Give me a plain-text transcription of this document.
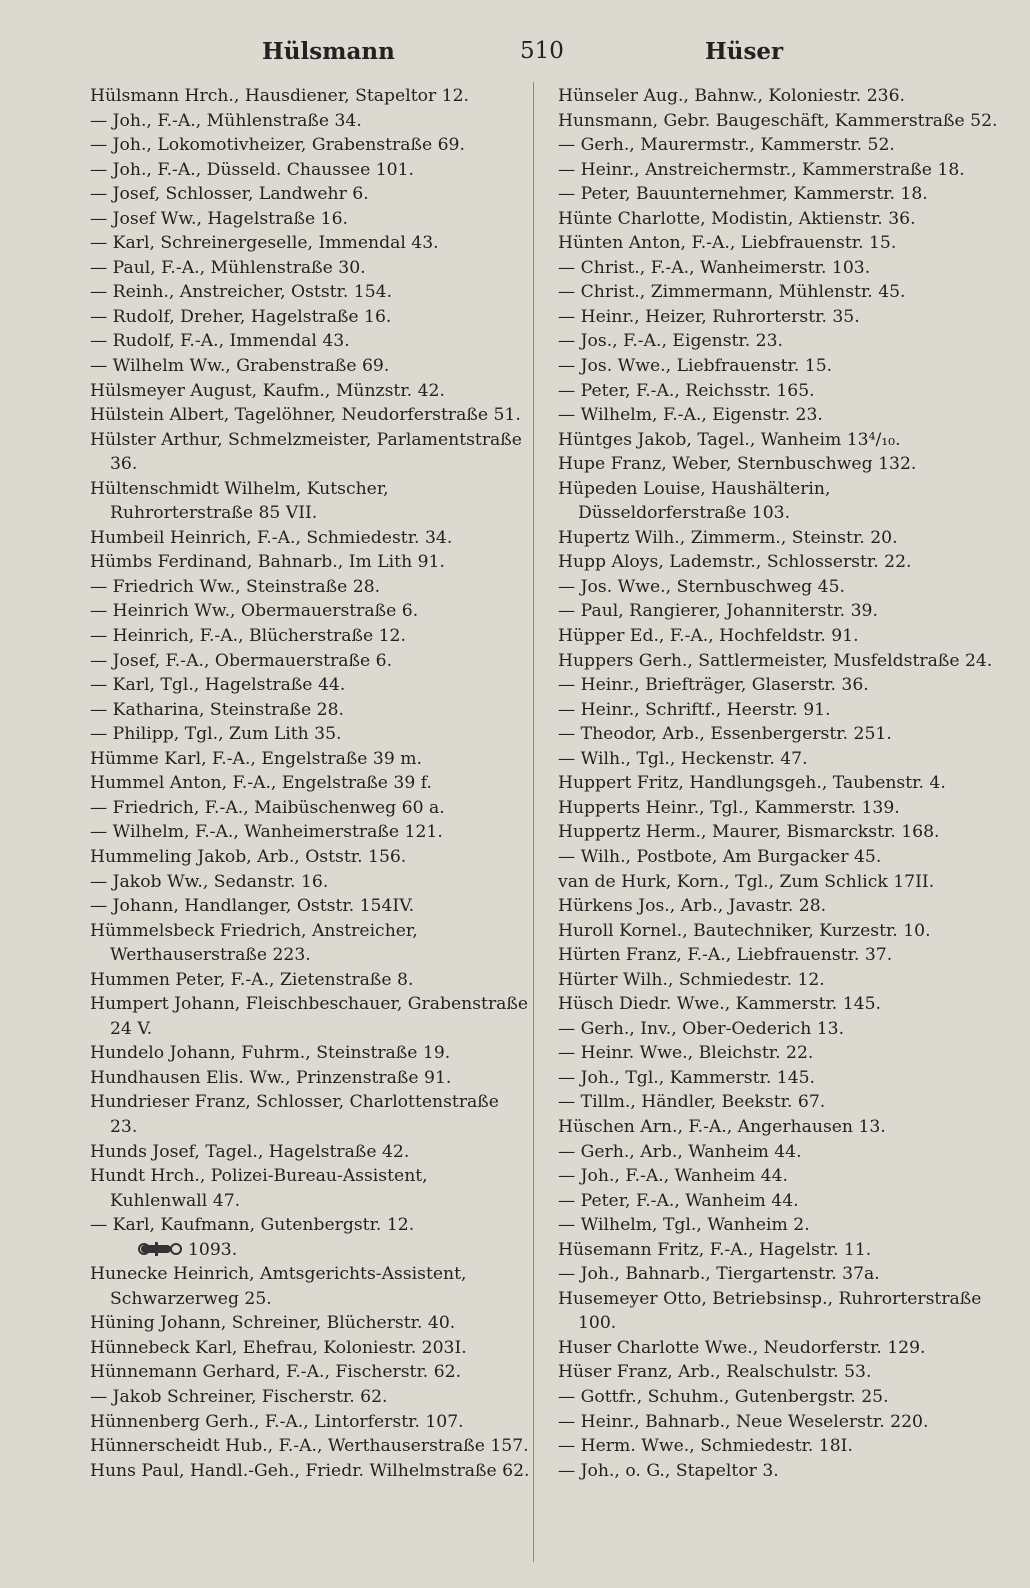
Hülsmann	510	Hüser
Hülsmann Hrch., Hausdiener, Stapeltor 12.
— Joh., F.-A., Mühlenstraße 34.
— Joh., Lokomotivheizer, Grabenstraße 69.
— Joh., F.-A., Düsseld. Chaussee 101.
— Josef, Schlosser, Landwehr 6.
— Josef Ww., Hagelstraße 16.
— Karl, Schreinergeselle, Immendal 43.
— Paul, F.-A., Mühlenstraße 30.
— Reinh., Anstreicher, Oststr. 154.
— Rudolf, Dreher, Hagelstraße 16.
— Rudolf, F.-A., Immendal 43.
— Wilhelm Ww., Grabenstraße 69.
Hülsmeyer August, Kaufm., Münzstr. 42.
Hülstein Albert, Tagelöhner, Neudorferstraße 51.
Hülster Arthur, Schmelzmeister, Parlamentstraße 36.
Hültenschmidt Wilhelm, Kutscher, Ruhrorterstraße 85 VII.
Humbeil Heinrich, F.-A., Schmiedestr. 34.
Hümbs Ferdinand, Bahnarb., Im Lith 91.
— Friedrich Ww., Steinstraße 28.
— Heinrich Ww., Obermauerstraße 6.
— Heinrich, F.-A., Blücherstraße 12.
— Josef, F.-A., Obermauerstraße 6.
— Karl, Tgl., Hagelstraße 44.
— Katharina, Steinstraße 28.
— Philipp, Tgl., Zum Lith 35.
Hümme Karl, F.-A., Engelstraße 39 m.
Hummel Anton, F.-A., Engelstraße 39 f.
— Friedrich, F.-A., Maibüschenweg 60 a.
— Wilhelm, F.-A., Wanheimerstraße 121.
Hummeling Jakob, Arb., Oststr. 156.
— Jakob Ww., Sedanstr. 16.
— Johann, Handlanger, Oststr. 154IV.
Hümmelsbeck Friedrich, Anstreicher, Werthauserstraße 223.
Hummen Peter, F.-A., Zietenstraße 8.
Humpert Johann, Fleischbeschauer, Grabenstraße 24 V.
Hundelo Johann, Fuhrm., Steinstraße 19.
Hundhausen Elis. Ww., Prinzenstraße 91.
Hundrieser Franz, Schlosser, Charlottenstraße 23.
Hunds Josef, Tagel., Hagelstraße 42.
Hundt Hrch., Polizei-Bureau-Assistent, Kuhlenwall 47.
— Karl, Kaufmann, Gutenbergstr. 12.
1093.
Hunecke Heinrich, Amtsgerichts-Assistent, Schwarzerweg 25.
Hüning Johann, Schreiner, Blücherstr. 40.
Hünnebeck Karl, Ehefrau, Koloniestr. 203I.
Hünnemann Gerhard, F.-A., Fischerstr. 62.
— Jakob Schreiner, Fischerstr. 62.
Hünnenberg Gerh., F.-A., Lintorferstr. 107.
Hünnerscheidt Hub., F.-A., Werthauserstraße 157.
Huns Paul, Handl.-Geh., Friedr. Wilhelmstraße 62.
Hünseler Aug., Bahnw., Koloniestr. 236.
Hunsmann, Gebr. Baugeschäft, Kammerstraße 52.
— Gerh., Maurermstr., Kammerstr. 52.
— Heinr., Anstreichermstr., Kammerstraße 18.
— Peter, Bauunternehmer, Kammerstr. 18.
Hünte Charlotte, Modistin, Aktienstr. 36.
Hünten Anton, F.-A., Liebfrauenstr. 15.
— Christ., F.-A., Wanheimerstr. 103.
— Christ., Zimmermann, Mühlenstr. 45.
— Heinr., Heizer, Ruhrorterstr. 35.
— Jos., F.-A., Eigenstr. 23.
— Jos. Wwe., Liebfrauenstr. 15.
— Peter, F.-A., Reichsstr. 165.
— Wilhelm, F.-A., Eigenstr. 23.
Hüntges Jakob, Tagel., Wanheim 13⁴/₁₀.
Hupe Franz, Weber, Sternbuschweg 132.
Hüpeden Louise, Haushälterin, Düsseldorferstraße 103.
Hupertz Wilh., Zimmerm., Steinstr. 20.
Hupp Aloys, Lademstr., Schlosserstr. 22.
— Jos. Wwe., Sternbuschweg 45.
— Paul, Rangierer, Johanniterstr. 39.
Hüpper Ed., F.-A., Hochfeldstr. 91.
Huppers Gerh., Sattlermeister, Musfeldstraße 24.
— Heinr., Briefträger, Glaserstr. 36.
— Heinr., Schriftf., Heerstr. 91.
— Theodor, Arb., Essenbergerstr. 251.
— Wilh., Tgl., Heckenstr. 47.
Huppert Fritz, Handlungsgeh., Taubenstr. 4.
Hupperts Heinr., Tgl., Kammerstr. 139.
Huppertz Herm., Maurer, Bismarckstr. 168.
— Wilh., Postbote, Am Burgacker 45.
van de Hurk, Korn., Tgl., Zum Schlick 17II.
Hürkens Jos., Arb., Javastr. 28.
Huroll Kornel., Bautechniker, Kurzestr. 10.
Hürten Franz, F.-A., Liebfrauenstr. 37.
Hürter Wilh., Schmiedestr. 12.
Hüsch Diedr. Wwe., Kammerstr. 145.
— Gerh., Inv., Ober-Oederich 13.
— Heinr. Wwe., Bleichstr. 22.
— Joh., Tgl., Kammerstr. 145.
— Tillm., Händler, Beekstr. 67.
Hüschen Arn., F.-A., Angerhausen 13.
— Gerh., Arb., Wanheim 44.
— Joh., F.-A., Wanheim 44.
— Peter, F.-A., Wanheim 44.
— Wilhelm, Tgl., Wanheim 2.
Hüsemann Fritz, F.-A., Hagelstr. 11.
— Joh., Bahnarb., Tiergartenstr. 37a.
Husemeyer Otto, Betriebsinsp., Ruhrorterstraße 100.
Huser Charlotte Wwe., Neudorferstr. 129.
Hüser Franz, Arb., Realschulstr. 53.
— Gottfr., Schuhm., Gutenbergstr. 25.
— Heinr., Bahnarb., Neue Weselerstr. 220.
— Herm. Wwe., Schmiedestr. 18I.
— Joh., o. G., Stapeltor 3.
